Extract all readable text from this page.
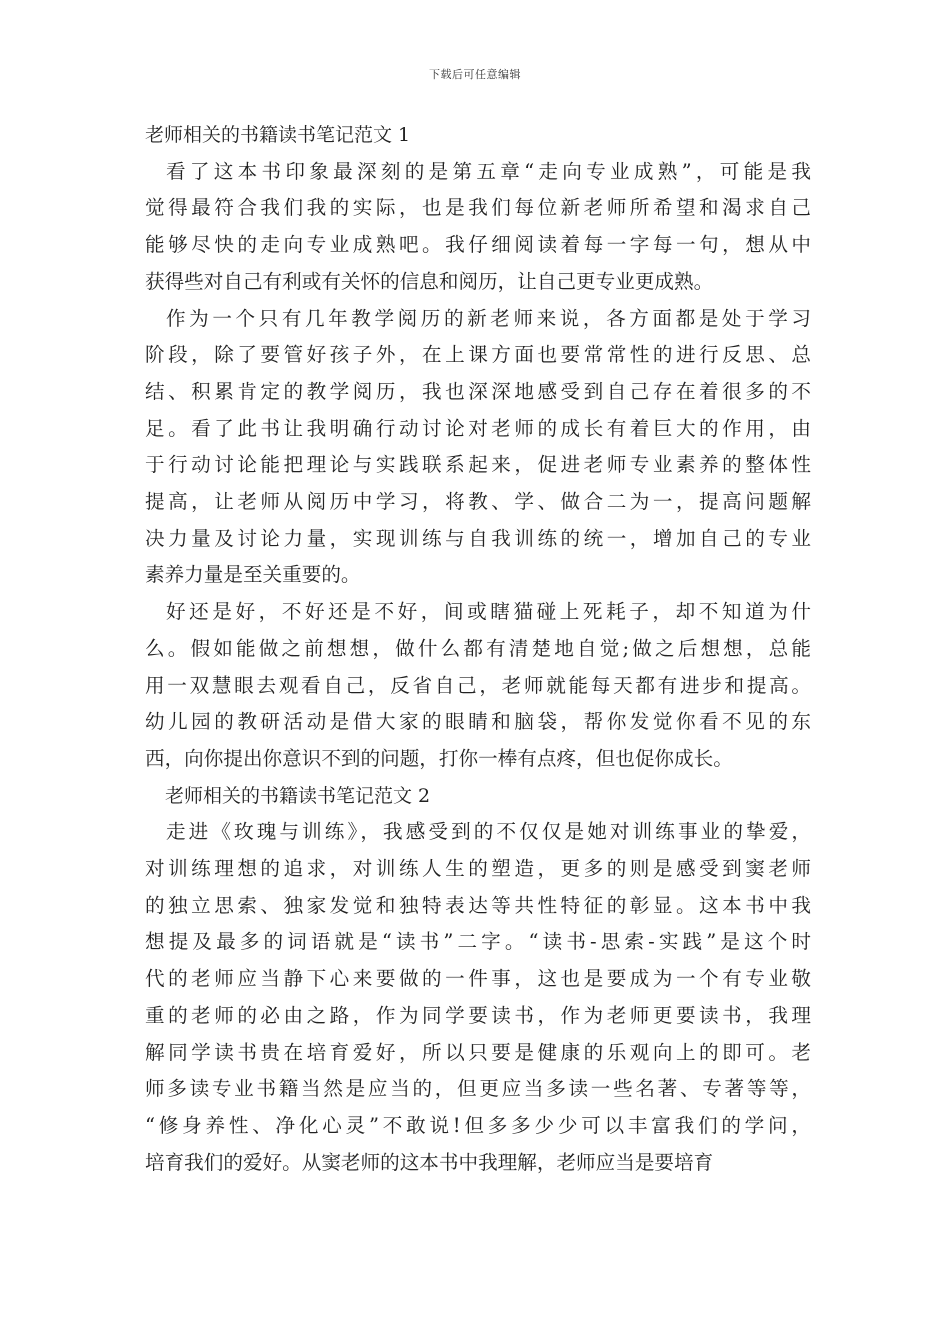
下载后可任意编辑
老师相关的书籍读书笔记范文 1
看了这本书印象最深刻的是第五章“走向专业成熟”，可能是我
觉得最符合我们我的实际，也是我们每位新老师所希望和渴求自己
能够尽快的走向专业成熟吧。我仔细阅读着每一字每一句，想从中
获得些对自己有利或有关怀的信息和阅历，让自己更专业更成熟。
作为一个只有几年教学阅历的新老师来说，各方面都是处于学习
阶段，除了要管好孩子外，在上课方面也要常常性的进行反思、总
结、积累肯定的教学阅历，我也深深地感受到自己存在着很多的不
足。看了此书让我明确行动讨论对老师的成长有着巨大的作用，由
于行动讨论能把理论与实践联系起来，促进老师专业素养的整体性
提高，让老师从阅历中学习，将教、学、做合二为一，提高问题解
决力量及讨论力量，实现训练与自我训练的统一，增加自己的专业
素养力量是至关重要的。
好还是好，不好还是不好，间或瞎猫碰上死耗子，却不知道为什
么。假如能做之前想想，做什么都有清楚地自觉;做之后想想，总能
用一双慧眼去观看自己，反省自己，老师就能每天都有进步和提高。
幼儿园的教研活动是借大家的眼睛和脑袋，帮你发觉你看不见的东
西，向你提出你意识不到的问题，打你一棒有点疼，但也促你成长。
老师相关的书籍读书笔记范文 2
走进《玫瑰与训练》，我感受到的不仅仅是她对训练事业的挚爱，
对训练理想的追求，对训练人生的塑造，更多的则是感受到窦老师
的独立思索、独家发觉和独特表达等共性特征的彰显。这本书中我
想提及最多的词语就是“读书”二字。“读书-思索-实践”是这个时
代的老师应当静下心来要做的一件事，这也是要成为一个有专业敬
重的老师的必由之路，作为同学要读书，作为老师更要读书，我理
解同学读书贵在培育爱好，所以只要是健康的乐观向上的即可。老
师多读专业书籍当然是应当的，但更应当多读一些名著、专著等等，
“修身养性、净化心灵”不敢说!但多多少少可以丰富我们的学问，
培育我们的爱好。从窦老师的这本书中我理解，老师应当是要培育
